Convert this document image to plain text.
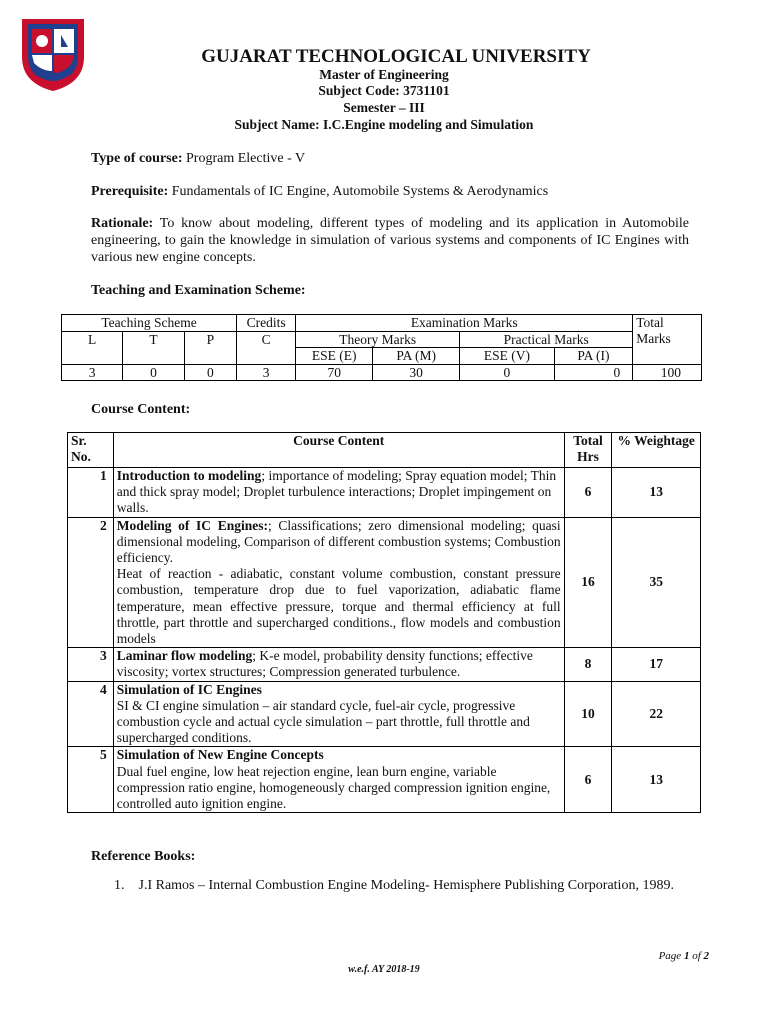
GUJARAT TECHNOLOGICAL UNIVERSITY
Master of Engineering
Subject Code: 3731101
Semester – III
Subject Name: I.C.Engine modeling and Simulation
Type of course: Program Elective - V
Prerequisite: Fundamentals of IC Engine, Automobile Systems & Aerodynamics
Rationale: To know about modeling, different types of modeling and its application in Automobile engineering, to gain the knowledge in simulation of various systems and components of IC Engines with various new engine concepts.
Teaching and Examination Scheme:
Teaching Scheme			Credits	Examination Marks				Total
Marks
L	T	P	C	Theory Marks		Practical Marks		
				ESE (E)	PA (M)	ESE (V)	PA (I)	
3	0	0	3	70	30	0	0	100
Course Content:
Sr.
No.	Course Content	Total
Hrs	% Weightage
1	Introduction to modeling; importance of modeling; Spray equation model; Thin and thick spray model; Droplet turbulence interactions; Droplet impingement on walls.	6	13
2	Modeling of IC Engines:; Classifications; zero dimensional modeling; quasi dimensional modeling, Comparison of different combustion systems; Combustion efficiency.
Heat of reaction - adiabatic, constant volume combustion, constant pressure combustion, temperature drop due to fuel vaporization, adiabatic flame temperature, mean effective pressure, torque and thermal efficiency at full throttle, part throttle and supercharged conditions., flow models and combustion models	16	35
3	Laminar flow modeling; K-e model, probability density functions; effective viscosity; vortex structures; Compression generated turbulence.	8	17
4	Simulation of IC Engines
SI & CI engine simulation – air standard cycle, fuel-air cycle, progressive combustion cycle and actual cycle simulation – part throttle, full throttle and supercharged conditions.	10	22
5	Simulation of New Engine Concepts
Dual fuel engine, low heat rejection engine, lean burn engine, variable compression ratio engine, homogeneously charged compression ignition engine, controlled auto ignition engine.	6	13
Reference Books:
1. J.I Ramos – Internal Combustion Engine Modeling- Hemisphere Publishing Corporation, 1989.
Page 1 of 2
w.e.f. AY 2018-19
